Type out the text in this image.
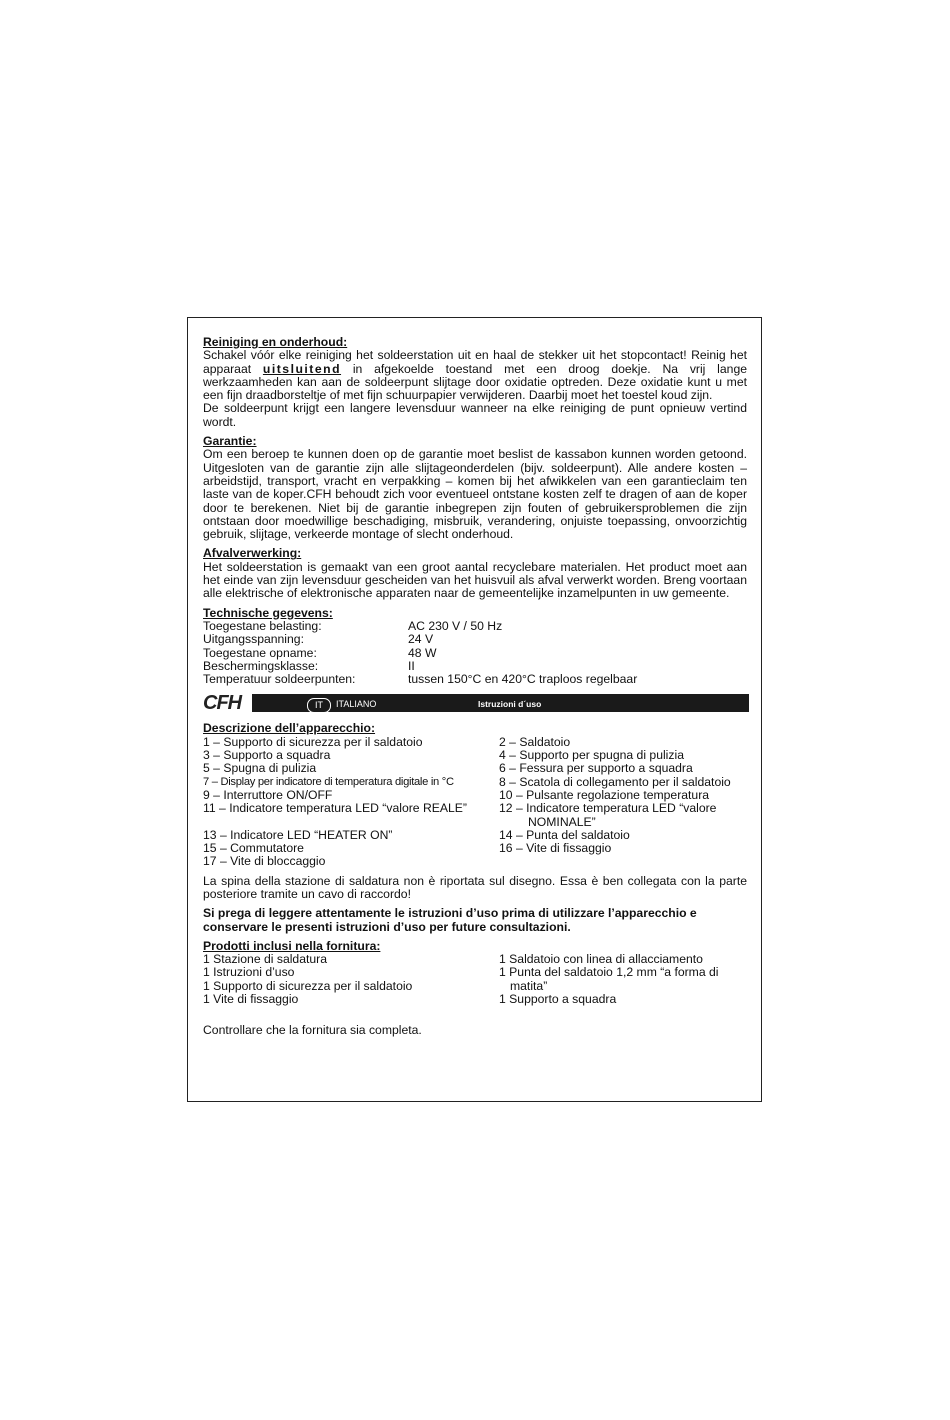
Reiniging en onderhoud:

Schakel vóór elke reiniging het soldeerstation uit en haal de stekker uit het stopcontact! Reinig het apparaat uitsluitend in afgekoelde toestand met een droog doekje. Na vrij lange werkzaamheden kan aan de soldeerpunt slijtage door oxidatie optreden. Deze oxidatie kunt u met een fijn draadborsteltje of met fijn schuurpapier verwijderen. Daarbij moet het toestel koud zijn.

De soldeerpunt krijgt een langere levensduur wanneer na elke reiniging de punt opnieuw vertind wordt.

Garantie:

Om een beroep te kunnen doen op de garantie moet beslist de kassabon kunnen worden getoond. Uitgesloten van de garantie zijn alle slijtageonderdelen (bijv. soldeerpunt). Alle andere kosten – arbeidstijd, transport, vracht en verpakking – komen bij het afwikkelen van een garantieclaim ten laste van de koper.CFH behoudt zich voor eventueel ontstane kosten zelf te dragen of aan de koper door te berekenen. Niet bij de garantie inbegrepen zijn fouten of gebruikersproblemen die zijn ontstaan door moedwillige beschadiging, misbruik, verandering, onjuiste toepassing, onvoorzichtig gebruik, slijtage, verkeerde montage of slecht onderhoud.

Afvalverwerking:

Het soldeerstation is gemaakt van een groot aantal recyclebare materialen. Het product moet aan het einde van zijn levensduur gescheiden van het huisvuil als afval verwerkt worden. Breng voortaan alle elektrische of elektronische apparaten naar de gemeentelijke inzamelpunten in uw gemeente.

Technische gegevens:

Toegestane belasting:	AC 230 V / 50 Hz
Uitgangsspanning:	24 V
Toegestane opname:	48 W
Beschermingsklasse:	II
Temperatuur soldeerpunten:	tussen 150°C en 420°C traploos regelbaar
CFH	IT	ITALIANO	Istruzioni d´uso

Descrizione dell’apparecchio:

1 – Supporto di sicurezza per il saldatoio	2 – Saldatoio
3 – Supporto a squadra	4 – Supporto per spugna di pulizia
5 – Spugna di pulizia	6 – Fessura per supporto a squadra
7 – Display per indicatore di temperatura digitale in °C	8 – Scatola di collegamento per il saldatoio
9 – Interruttore ON/OFF	10 – Pulsante regolazione temperatura
11 – Indicatore temperatura LED “valore REALE”	12 – Indicatore temperatura LED “valore
NOMINALE”
13 – Indicatore LED “HEATER ON”	14 – Punta del saldatoio
15 – Commutatore	16 – Vite di fissaggio
17 – Vite di bloccaggio

La spina della stazione di saldatura non è riportata sul disegno. Essa è ben collegata con la parte posteriore tramite un cavo di raccordo!

Si prega di leggere attentamente le istruzioni d’uso prima di utilizzare l’apparecchio e conservare le presenti istruzioni d’uso per future consultazioni.

Prodotti inclusi nella fornitura:

1 Stazione di saldatura	1 Saldatoio con linea di allacciamento
1 Istruzioni d’uso	1 Punta del saldatoio 1,2 mm “a forma di
1 Supporto di sicurezza per il saldatoio	matita”
1 Vite di fissaggio	1 Supporto a squadra

Controllare che la fornitura sia completa.
